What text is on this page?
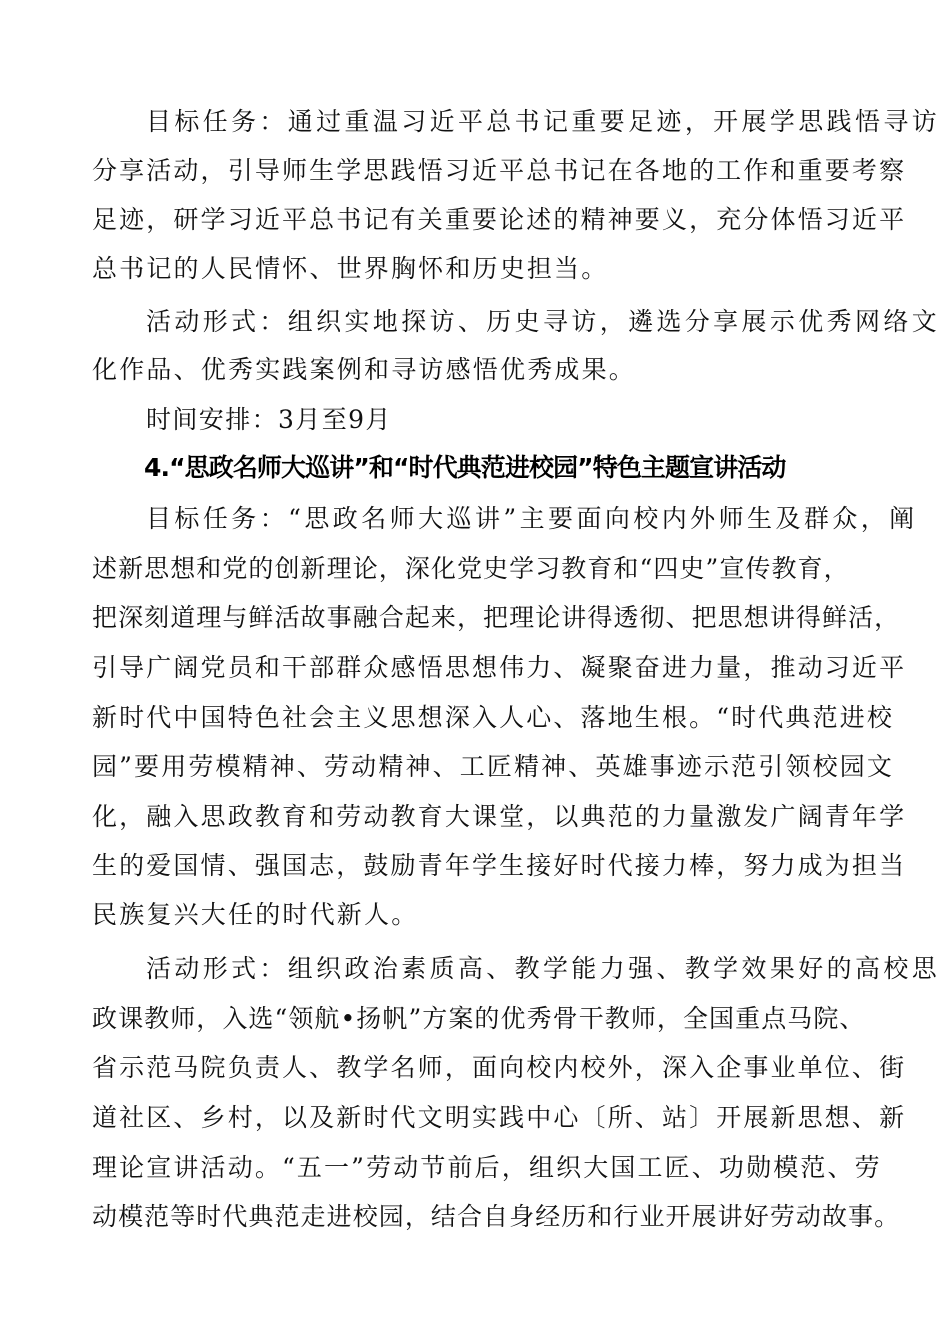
目标任务：通过重温习近平总书记重要足迹，开展学思践悟寻访

分享活动，引导师生学思践悟习近平总书记在各地的工作和重要考察

足迹，研学习近平总书记有关重要论述的精神要义，充分体悟习近平

总书记的人民情怀、世界胸怀和历史担当。

活动形式：组织实地探访、历史寻访，遴选分享展示优秀网络文

化作品、优秀实践案例和寻访感悟优秀成果。

时间安排：3月至9月

4.“思政名师大巡讲”和“时代典范进校园”特色主题宣讲活动

目标任务：“思政名师大巡讲”主要面向校内外师生及群众，阐

述新思想和党的创新理论，深化党史学习教育和“四史”宣传教育，

把深刻道理与鲜活故事融合起来，把理论讲得透彻、把思想讲得鲜活，

引导广阔党员和干部群众感悟思想伟力、凝聚奋进力量，推动习近平

新时代中国特色社会主义思想深入人心、落地生根。“时代典范进校

园”要用劳模精神、劳动精神、工匠精神、英雄事迹示范引领校园文

化，融入思政教育和劳动教育大课堂，以典范的力量激发广阔青年学

生的爱国情、强国志，鼓励青年学生接好时代接力棒，努力成为担当

民族复兴大任的时代新人。

活动形式：组织政治素质高、教学能力强、教学效果好的高校思

政课教师，入选“领航•扬帆”方案的优秀骨干教师，全国重点马院、

省示范马院负责人、教学名师，面向校内校外，深入企事业单位、街

道社区、乡村，以及新时代文明实践中心〔所、站〕开展新思想、新

理论宣讲活动。“五一”劳动节前后，组织大国工匠、功勋模范、劳

动模范等时代典范走进校园，结合自身经历和行业开展讲好劳动故事。
